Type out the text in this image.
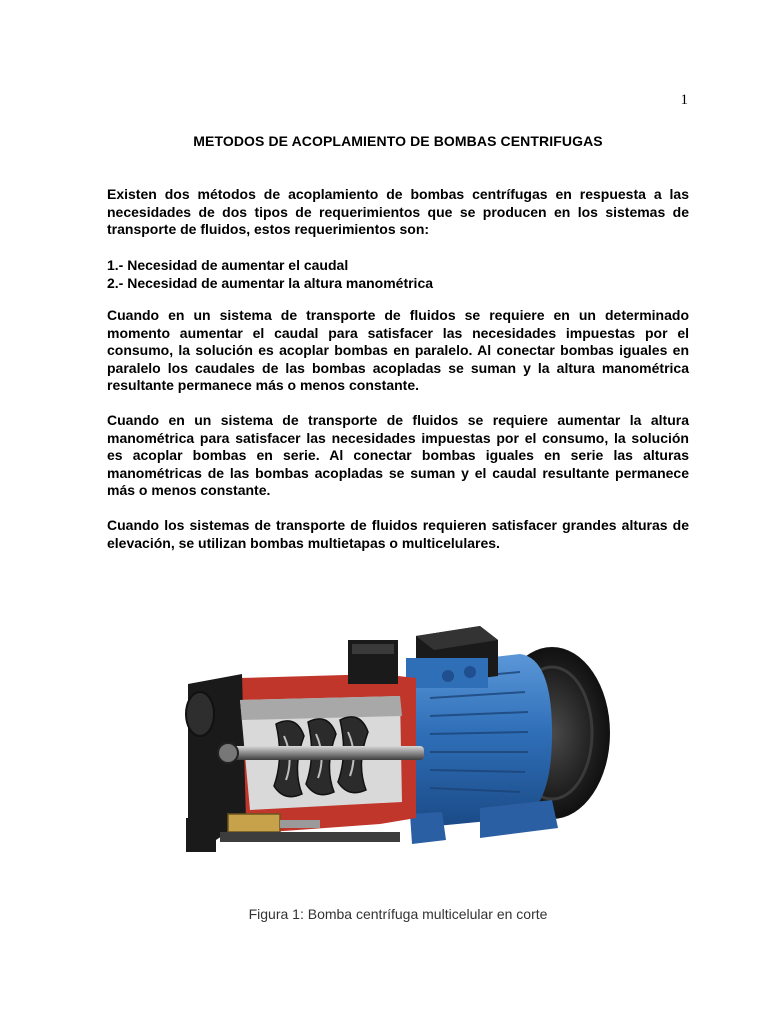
1
METODOS DE ACOPLAMIENTO DE BOMBAS CENTRIFUGAS
Existen dos métodos de acoplamiento de bombas centrífugas en respuesta a las necesidades de dos tipos de requerimientos que se producen en los sistemas de transporte de fluidos, estos requerimientos son:
1.- Necesidad de aumentar el caudal
2.- Necesidad de aumentar la altura manométrica
Cuando en un sistema de transporte de fluidos se requiere en un determinado momento aumentar el caudal para satisfacer las necesidades impuestas por el consumo, la solución es acoplar bombas en paralelo. Al conectar bombas iguales en paralelo los caudales de las bombas acopladas se suman y la altura manométrica resultante permanece más o menos constante.
Cuando en un sistema de transporte de fluidos se requiere aumentar la altura manométrica para satisfacer las necesidades impuestas por el consumo, la solución es acoplar bombas en serie. Al conectar bombas iguales en serie las alturas manométricas de las bombas acopladas se suman y el caudal resultante permanece más o menos constante.
Cuando los sistemas de transporte de fluidos requieren satisfacer grandes alturas de elevación, se utilizan bombas multietapas o multicelulares.
Figura 1: Bomba centrífuga multicelular en corte
